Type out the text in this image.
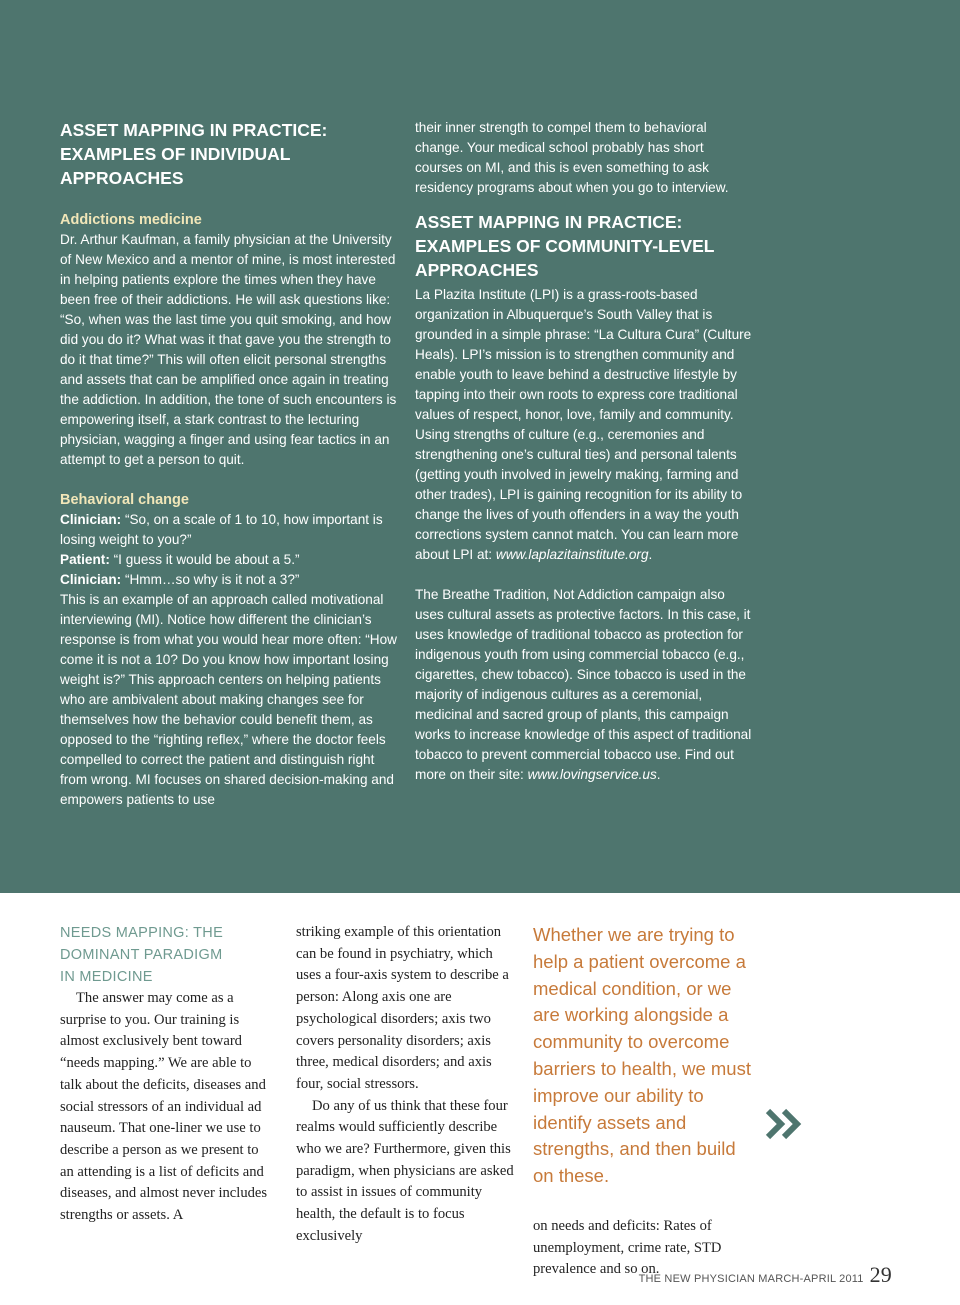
ASSET MAPPING IN PRACTICE:
EXAMPLES OF INDIVIDUAL APPROACHES
Addictions medicine

Dr. Arthur Kaufman, a family physician at the University of New Mexico and a mentor of mine, is most interested in helping patients explore the times when they have been free of their addictions. He will ask questions like: “So, when was the last time you quit smoking, and how did you do it? What was it that gave you the strength to do it that time?” This will often elicit personal strengths and assets that can be amplified once again in treating the addiction. In addition, the tone of such encounters is empowering itself, a stark contrast to the lecturing physician, wagging a finger and using fear tactics in an attempt to get a person to quit.

Behavioral change

Clinician: “So, on a scale of 1 to 10, how important is losing weight to you?”

Patient: “I guess it would be about a 5.”

Clinician: “Hmm…so why is it not a 3?”

This is an example of an approach called motivational interviewing (MI). Notice how different the clinician’s response is from what you would hear more often: “How come it is not a 10? Do you know how important losing weight is?” This approach centers on helping patients who are ambivalent about making changes see for themselves how the behavior could benefit them, as opposed to the “righting reflex,” where the doctor feels compelled to correct the patient and distinguish right from wrong. MI focuses on shared decision-making and empowers patients to use

their inner strength to compel them to behavioral change. Your medical school probably has short courses on MI, and this is even something to ask residency programs about when you go to interview.

ASSET MAPPING IN PRACTICE:
EXAMPLES OF COMMUNITY-LEVEL
APPROACHES

La Plazita Institute (LPI) is a grass-roots-based organization in Albuquerque’s South Valley that is grounded in a simple phrase: “La Cultura Cura” (Culture Heals). LPI’s mission is to strengthen community and enable youth to leave behind a destructive lifestyle by tapping into their own roots to express core traditional values of respect, honor, love, family and community. Using strengths of culture (e.g., ceremonies and strengthening one’s cultural ties) and personal talents (getting youth involved in jewelry making, farming and other trades), LPI is gaining recognition for its ability to change the lives of youth offenders in a way the youth corrections system cannot match. You can learn more about LPI at: www.laplazitainstitute.org.

The Breathe Tradition, Not Addiction campaign also uses cultural assets as protective factors. In this case, it uses knowledge of traditional tobacco as protection for indigenous youth from using commercial tobacco (e.g., cigarettes, chew tobacco). Since tobacco is used in the majority of indigenous cultures as a ceremonial, medicinal and sacred group of plants, this campaign works to increase knowledge of this aspect of traditional tobacco to prevent commercial tobacco use. Find out more on their site: www.lovingservice.us.

NEEDS MAPPING: THE
DOMINANT PARADIGM
IN MEDICINE

The answer may come as a surprise to you. Our training is almost exclusively bent toward “needs mapping.” We are able to talk about the deficits, diseases and social stressors of an individual ad nauseum. That one-liner we use to describe a person as we present to an attending is a list of deficits and diseases, and almost never includes strengths or assets. A

striking example of this orientation can be found in psychiatry, which uses a four-axis system to describe a person: Along axis one are psychological disorders; axis two covers personality disorders; axis three, medical disorders; and axis four, social stressors.

Do any of us think that these four realms would sufficiently describe who we are? Furthermore, given this paradigm, when physicians are asked to assist in issues of community health, the default is to focus exclusively

Whether we are trying to help a patient overcome a medical condition, or we are working alongside a community to overcome barriers to health, we must improve our ability to identify assets and strengths, and then build on these.

on needs and deficits: Rates of unemployment, crime rate, STD prevalence and so on.

THE NEW PHYSICIAN MARCH-APRIL 2011 29
